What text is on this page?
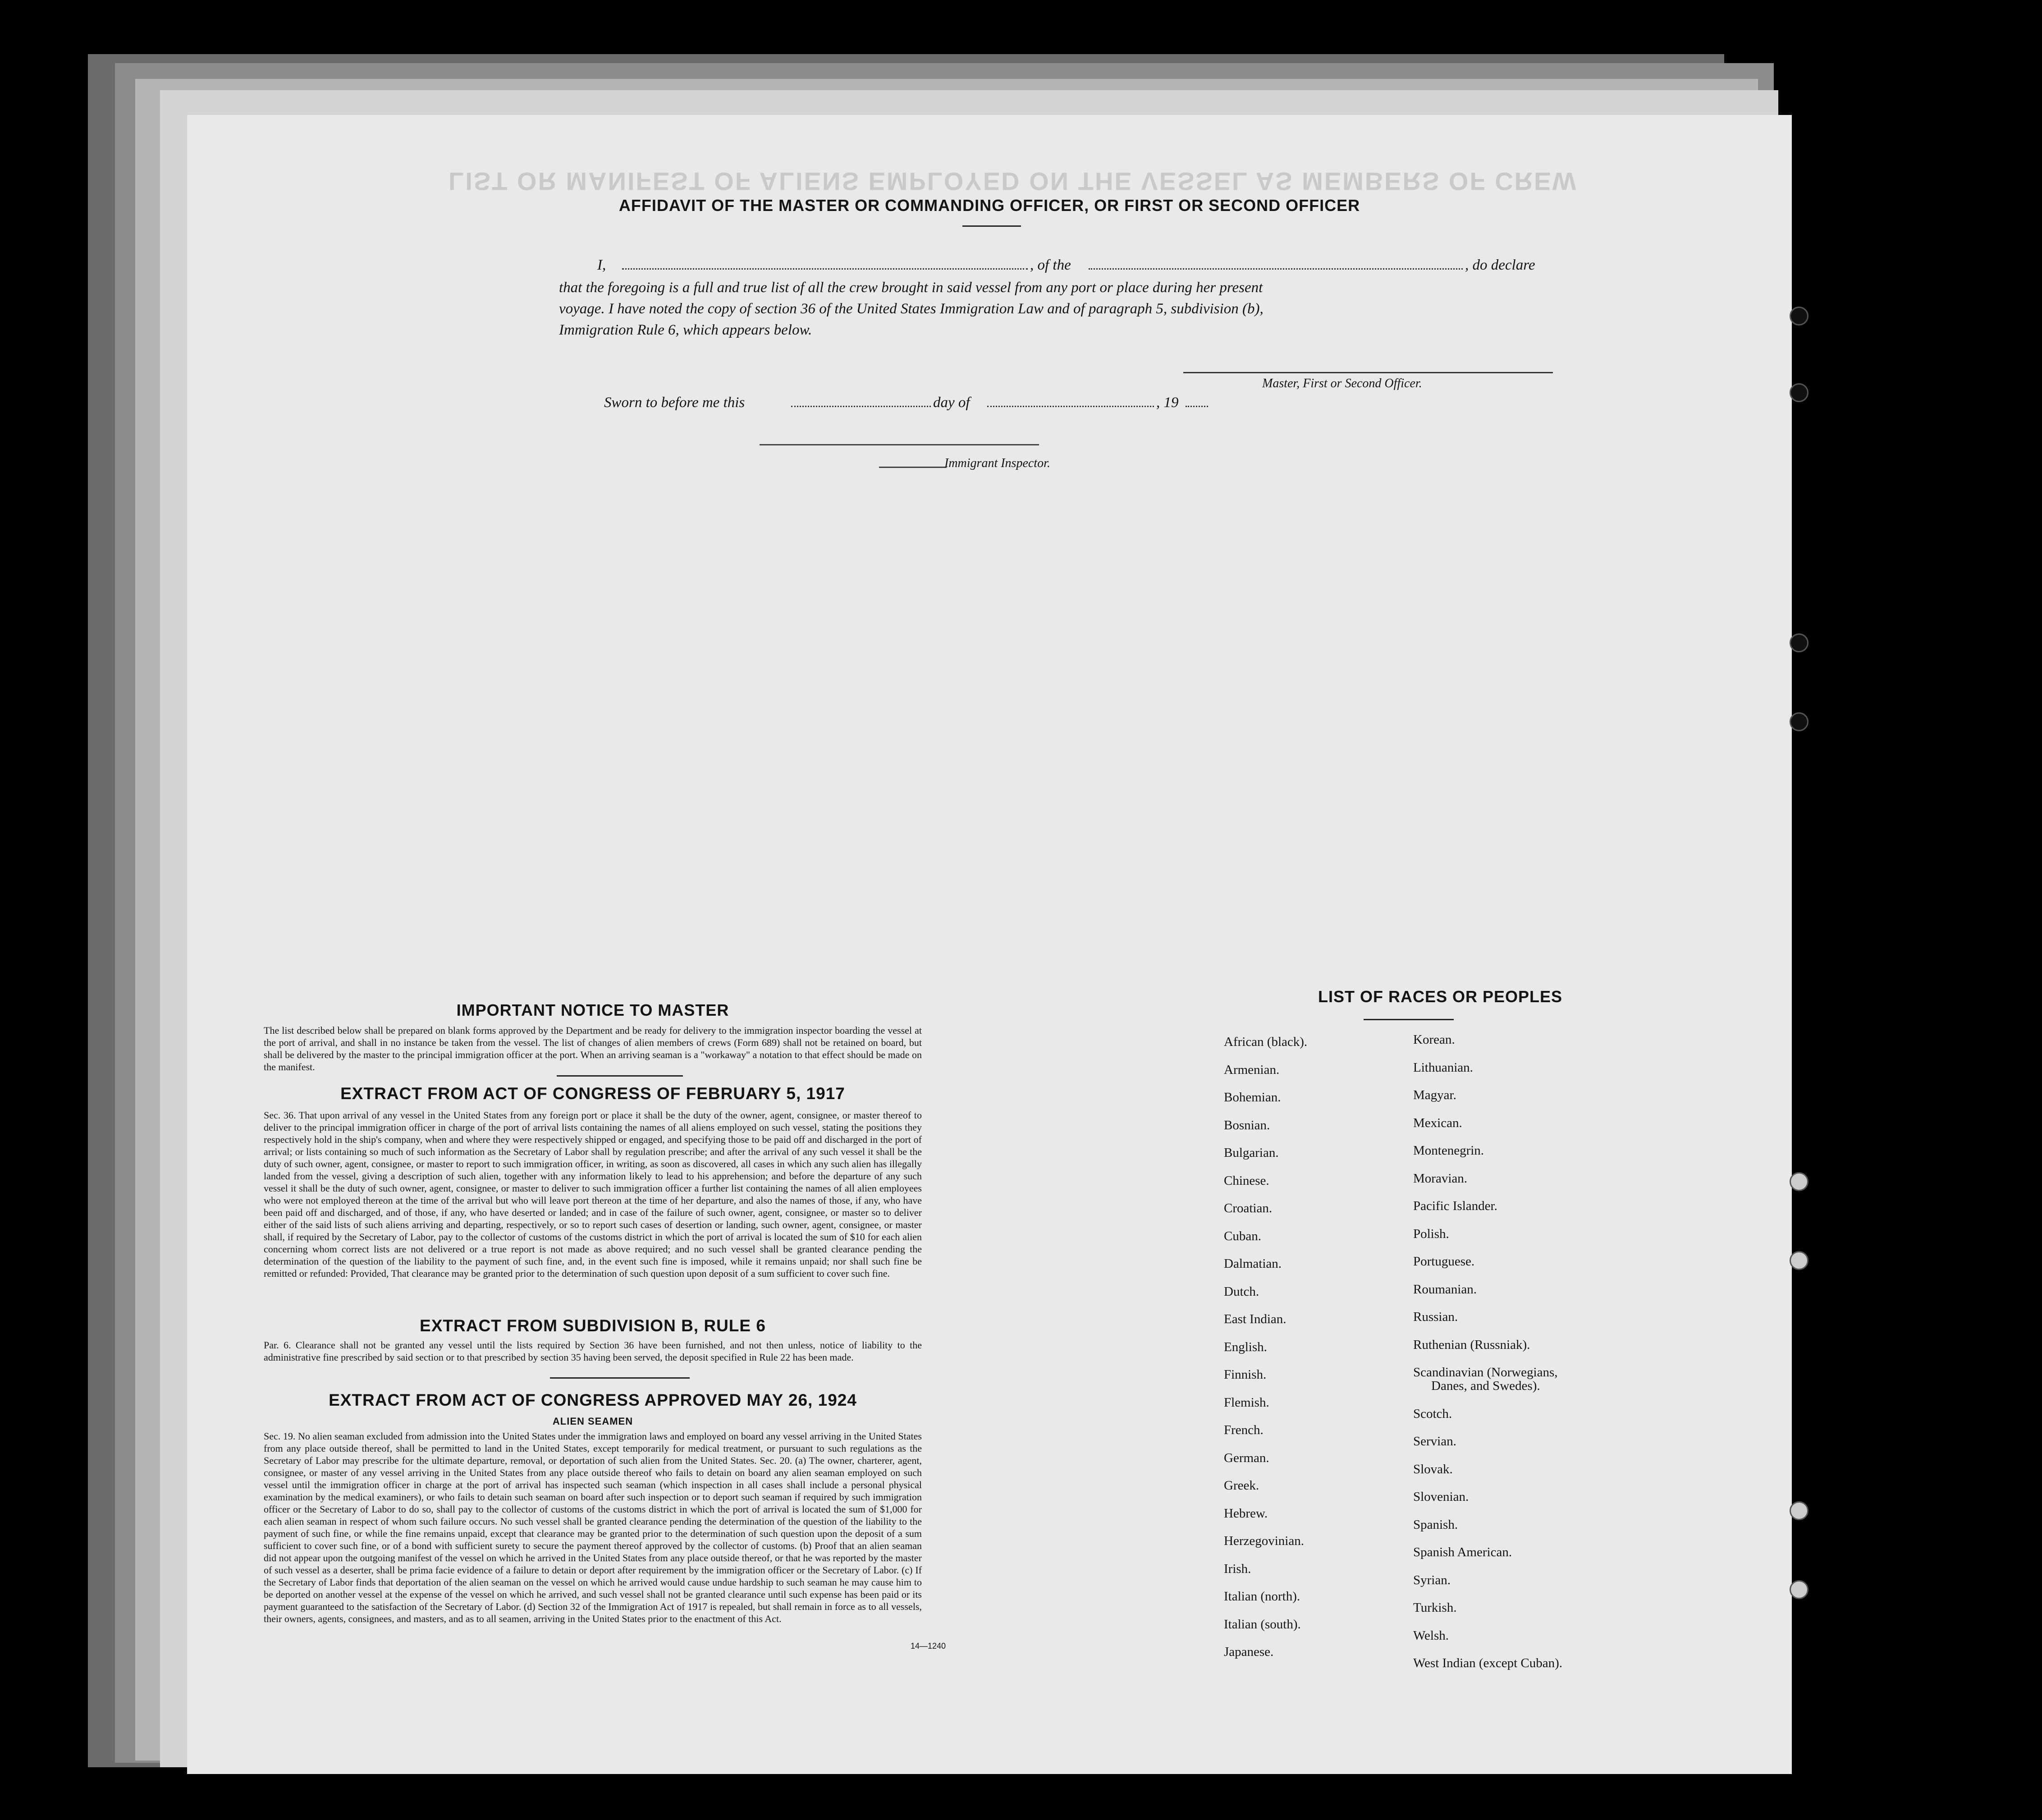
LIST OR MANIFEST OF ALIENS EMPLOYED ON THE VESSEL AS MEMBERS OF CREW
AFFIDAVIT OF THE MASTER OR COMMANDING OFFICER, OR FIRST OR SECOND OFFICER
I,	, of the	, do declare
that the foregoing is a full and true list of all the crew brought in said vessel from any port or place during her present
voyage. I have noted the copy of section 36 of the United States Immigration Law and of paragraph 5, subdivision (b),
Immigration Rule 6, which appears below.
Master, First or Second Officer.
Sworn to before me this	day of	, 19
Immigrant Inspector.
IMPORTANT NOTICE TO MASTER
The list described below shall be prepared on blank forms approved by the Department and be ready for delivery to the immigration inspector boarding the vessel at the port of arrival, and shall in no instance be taken from the vessel. The list of changes of alien members of crews (Form 689) shall not be retained on board, but shall be delivered by the master to the principal immigration officer at the port. When an arriving seaman is a "workaway" a notation to that effect should be made on the manifest.
EXTRACT FROM ACT OF CONGRESS OF FEBRUARY 5, 1917
Sec. 36. That upon arrival of any vessel in the United States from any foreign port or place it shall be the duty of the owner, agent, consignee, or master thereof to deliver to the principal immigration officer in charge of the port of arrival lists containing the names of all aliens employed on such vessel, stating the positions they respectively hold in the ship's company, when and where they were respectively shipped or engaged, and specifying those to be paid off and discharged in the port of arrival; or lists containing so much of such information as the Secretary of Labor shall by regulation prescribe; and after the arrival of any such vessel it shall be the duty of such owner, agent, consignee, or master to report to such immigration officer, in writing, as soon as discovered, all cases in which any such alien has illegally landed from the vessel, giving a description of such alien, together with any information likely to lead to his apprehension; and before the departure of any such vessel it shall be the duty of such owner, agent, consignee, or master to deliver to such immigration officer a further list containing the names of all alien employees who were not employed thereon at the time of the arrival but who will leave port thereon at the time of her departure, and also the names of those, if any, who have been paid off and discharged, and of those, if any, who have deserted or landed; and in case of the failure of such owner, agent, consignee, or master so to deliver either of the said lists of such aliens arriving and departing, respectively, or so to report such cases of desertion or landing, such owner, agent, consignee, or master shall, if required by the Secretary of Labor, pay to the collector of customs of the customs district in which the port of arrival is located the sum of $10 for each alien concerning whom correct lists are not delivered or a true report is not made as above required; and no such vessel shall be granted clearance pending the determination of the question of the liability to the payment of such fine, and, in the event such fine is imposed, while it remains unpaid; nor shall such fine be remitted or refunded: Provided, That clearance may be granted prior to the determination of such question upon deposit of a sum sufficient to cover such fine.
EXTRACT FROM SUBDIVISION B, RULE 6
Par. 6. Clearance shall not be granted any vessel until the lists required by Section 36 have been furnished, and not then unless, notice of liability to the administrative fine prescribed by said section or to that prescribed by section 35 having been served, the deposit specified in Rule 22 has been made.
EXTRACT FROM ACT OF CONGRESS APPROVED MAY 26, 1924
ALIEN SEAMEN
Sec. 19. No alien seaman excluded from admission into the United States under the immigration laws and employed on board any vessel arriving in the United States from any place outside thereof, shall be permitted to land in the United States, except temporarily for medical treatment, or pursuant to such regulations as the Secretary of Labor may prescribe for the ultimate departure, removal, or deportation of such alien from the United States. Sec. 20. (a) The owner, charterer, agent, consignee, or master of any vessel arriving in the United States from any place outside thereof who fails to detain on board any alien seaman employed on such vessel until the immigration officer in charge at the port of arrival has inspected such seaman (which inspection in all cases shall include a personal physical examination by the medical examiners), or who fails to detain such seaman on board after such inspection or to deport such seaman if required by such immigration officer or the Secretary of Labor to do so, shall pay to the collector of customs of the customs district in which the port of arrival is located the sum of $1,000 for each alien seaman in respect of whom such failure occurs. No such vessel shall be granted clearance pending the determination of the question of the liability to the payment of such fine, or while the fine remains unpaid, except that clearance may be granted prior to the determination of such question upon the deposit of a sum sufficient to cover such fine, or of a bond with sufficient surety to secure the payment thereof approved by the collector of customs. (b) Proof that an alien seaman did not appear upon the outgoing manifest of the vessel on which he arrived in the United States from any place outside thereof, or that he was reported by the master of such vessel as a deserter, shall be prima facie evidence of a failure to detain or deport after requirement by the immigration officer or the Secretary of Labor. (c) If the Secretary of Labor finds that deportation of the alien seaman on the vessel on which he arrived would cause undue hardship to such seaman he may cause him to be deported on another vessel at the expense of the vessel on which he arrived, and such vessel shall not be granted clearance until such expense has been paid or its payment guaranteed to the satisfaction of the Secretary of Labor. (d) Section 32 of the Immigration Act of 1917 is repealed, but shall remain in force as to all vessels, their owners, agents, consignees, and masters, and as to all seamen, arriving in the United States prior to the enactment of this Act.
14—1240
LIST OF RACES OR PEOPLES
African (black).
Armenian.
Bohemian.
Bosnian.
Bulgarian.
Chinese.
Croatian.
Cuban.
Dalmatian.
Dutch.
East Indian.
English.
Finnish.
Flemish.
French.
German.
Greek.
Hebrew.
Herzegovinian.
Irish.
Italian (north).
Italian (south).
Japanese.
Korean.
Lithuanian.
Magyar.
Mexican.
Montenegrin.
Moravian.
Pacific Islander.
Polish.
Portuguese.
Roumanian.
Russian.
Ruthenian (Russniak).
Scandinavian (Norwegians,
Danes, and Swedes).
Scotch.
Servian.
Slovak.
Slovenian.
Spanish.
Spanish American.
Syrian.
Turkish.
Welsh.
West Indian (except Cuban).
